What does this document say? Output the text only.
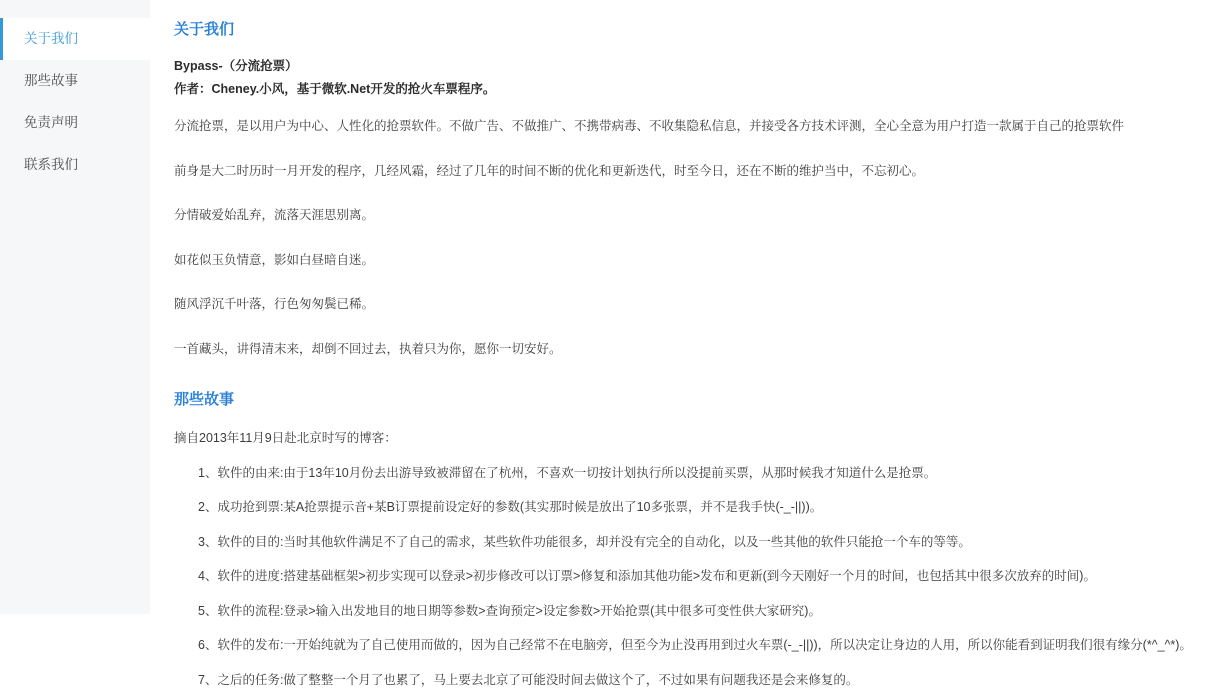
关于我们
那些故事
免责声明
联系我们
关于我们
Bypass-（分流抢票）
作者：Cheney.小风，基于微软.Net开发的抢火车票程序。

分流抢票，是以用户为中心、人性化的抢票软件。不做广告、不做推广、不携带病毒、不收集隐私信息，并接受各方技术评测，全心全意为用户打造一款属于自己的抢票软件

前身是大二时历时一月开发的程序，几经风霜，经过了几年的时间不断的优化和更新迭代，时至今日，还在不断的维护当中，不忘初心。

分情破爱始乱弃，流落天涯思别离。

如花似玉负情意，影如白昼暗自迷。

随风浮沉千叶落，行色匆匆鬓已稀。

一首藏头，讲得清末来，却倒不回过去，执着只为你，愿你一切安好。

那些故事

摘自2013年11月9日赴北京时写的博客：

1、软件的由来:由于13年10月份去出游导致被滞留在了杭州，不喜欢一切按计划执行所以没提前买票，从那时候我才知道什么是抢票。
2、成功抢到票:某A抢票提示音+某B订票提前设定好的参数(其实那时候是放出了10多张票，并不是我手快(-_-||))。
3、软件的目的:当时其他软件满足不了自己的需求，某些软件功能很多，却并没有完全的自动化，以及一些其他的软件只能抢一个车的等等。
4、软件的进度:搭建基础框架>初步实现可以登录>初步修改可以订票>修复和添加其他功能>发布和更新(到今天刚好一个月的时间，也包括其中很多次放弃的时间)。
5、软件的流程:登录>输入出发地目的地日期等参数>查询预定>设定参数>开始抢票(其中很多可变性供大家研究)。
6、软件的发布:一开始纯就为了自己使用而做的，因为自己经常不在电脑旁，但至今为止没再用到过火车票(-_-||))，所以决定让身边的人用，所以你能看到证明我们很有缘分(*^_^*)。
7、之后的任务:做了整整一个月了也累了，马上要去北京了可能没时间去做这个了，不过如果有问题我还是会来修复的。
